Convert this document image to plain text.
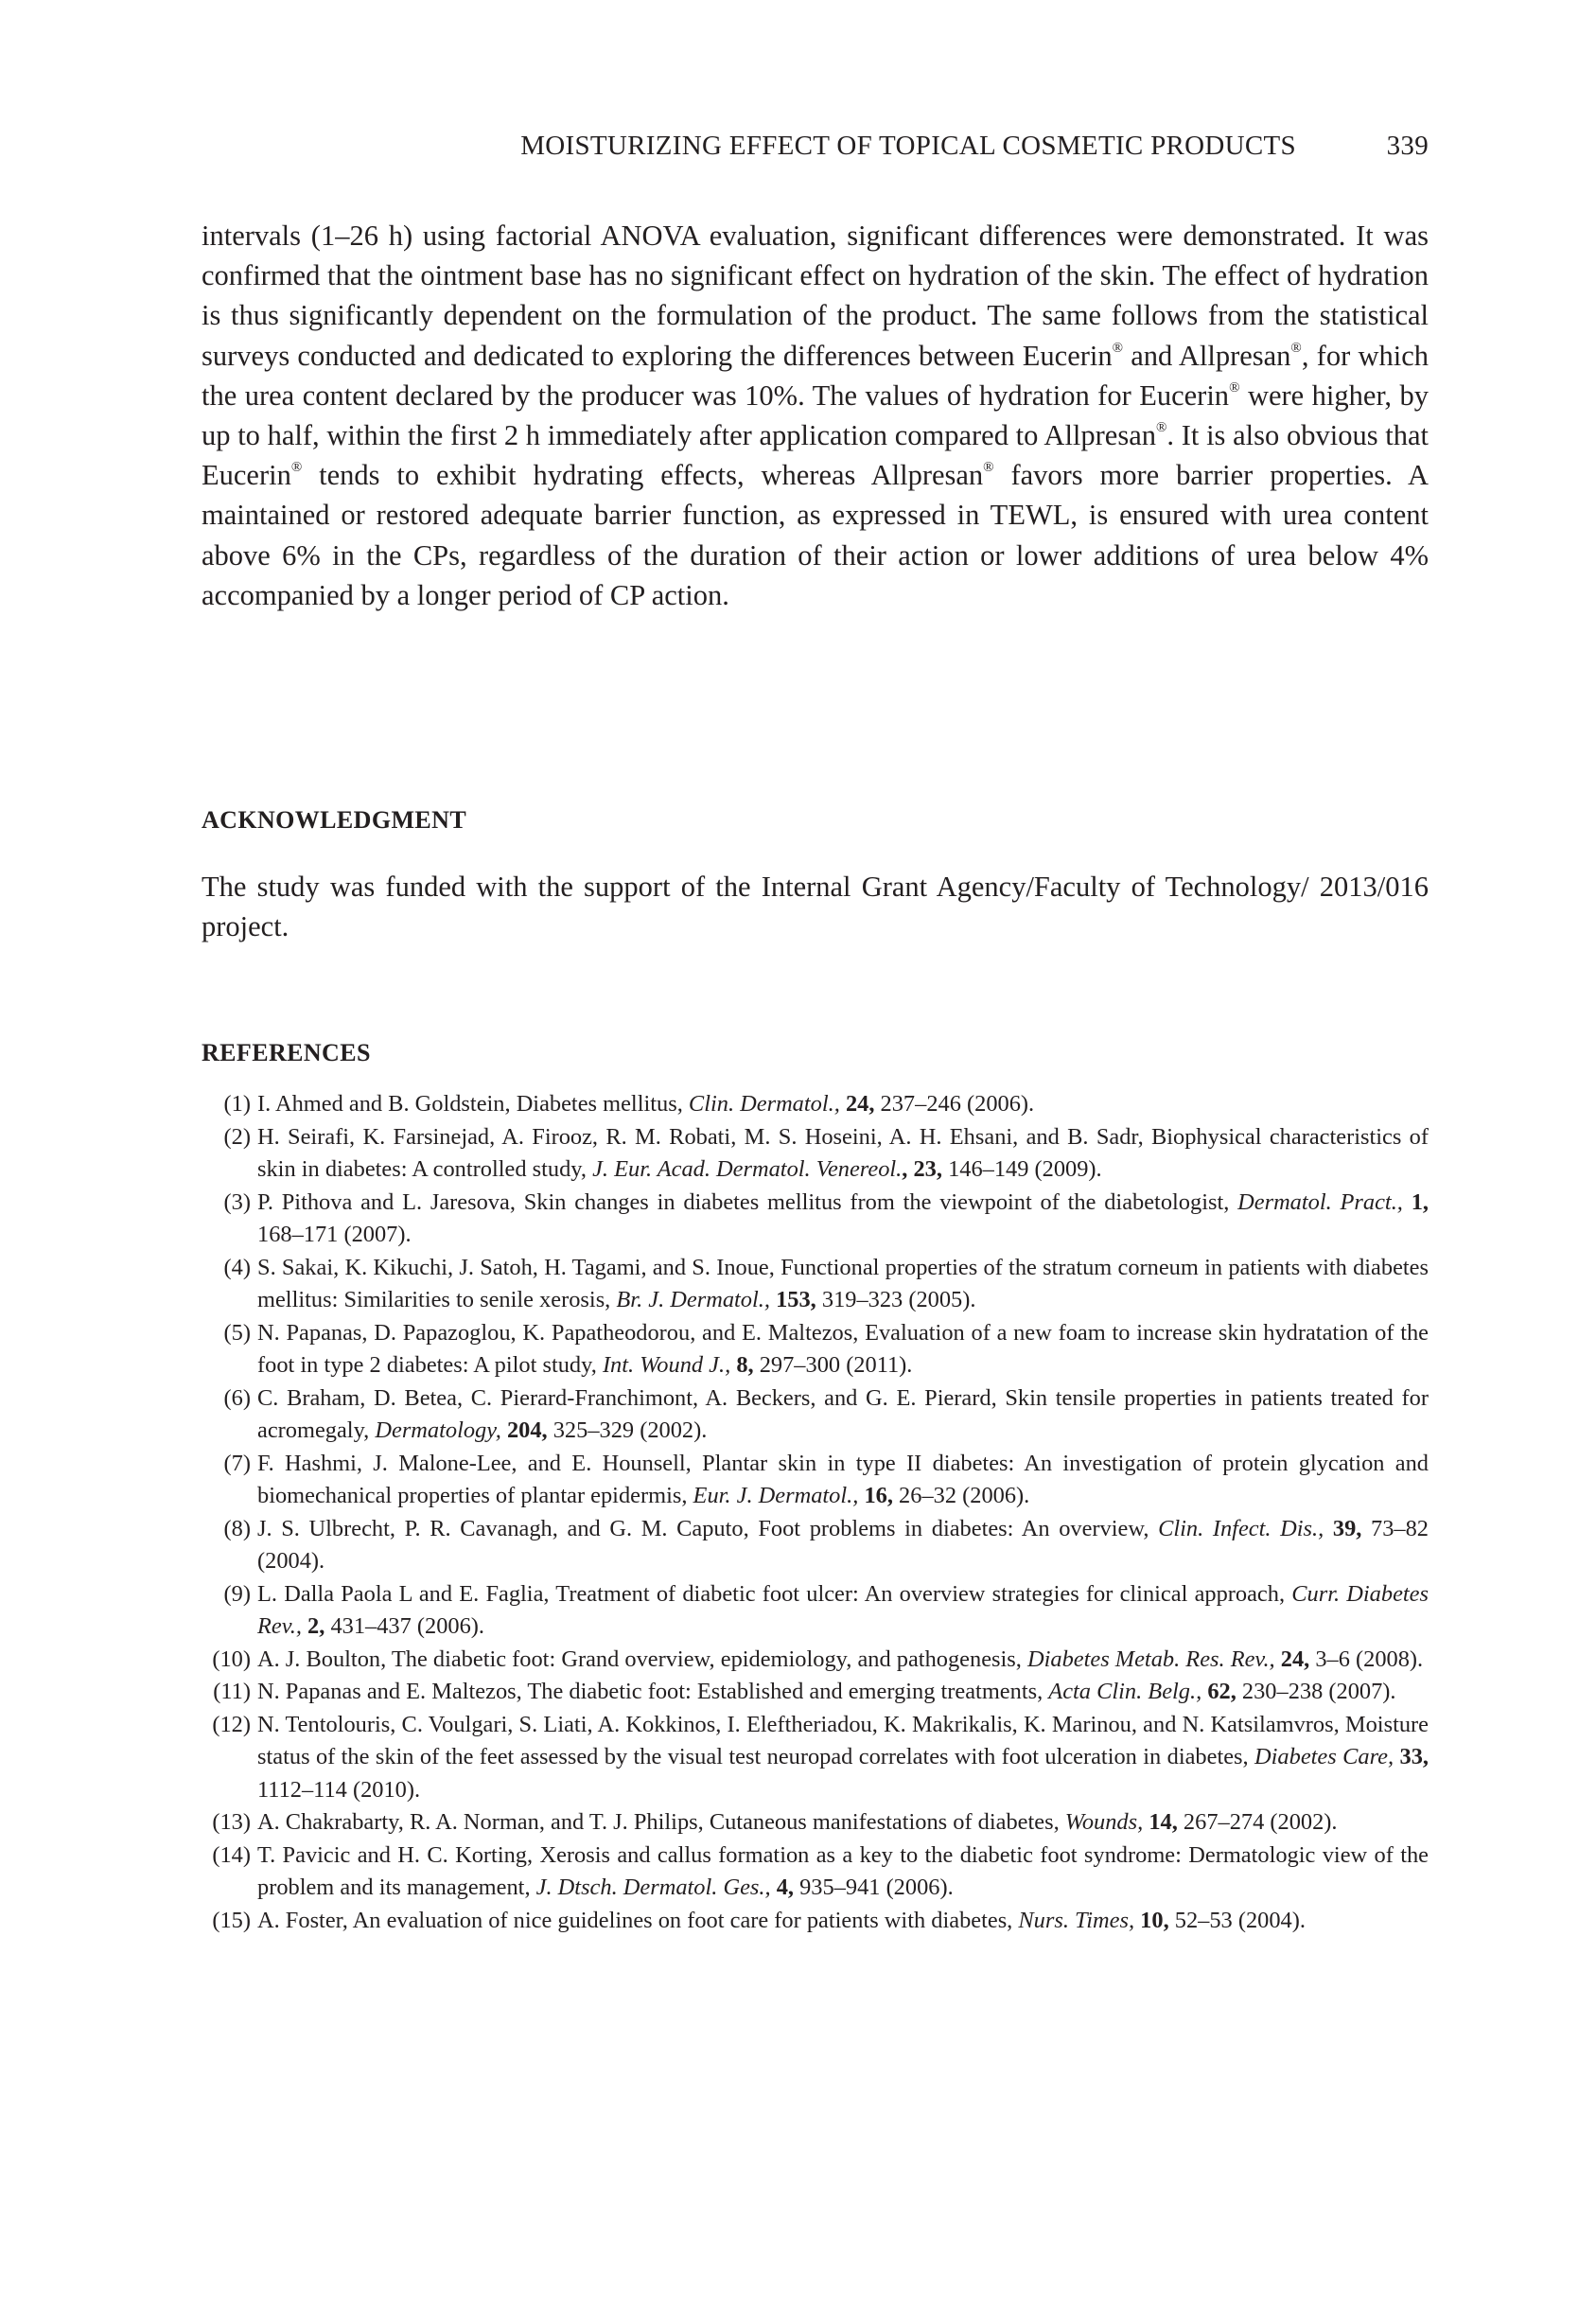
MOISTURIZING EFFECT OF TOPICAL COSMETIC PRODUCTS	339

intervals (1–26 h) using factorial ANOVA evaluation, significant differences were demonstrated. It was confirmed that the ointment base has no significant effect on hydration of the skin. The effect of hydration is thus significantly dependent on the formulation of the product. The same follows from the statistical surveys conducted and dedicated to exploring the differences between Eucerin® and Allpresan®, for which the urea content declared by the producer was 10%. The values of hydration for Eucerin® were higher, by up to half, within the first 2 h immediately after application compared to Allpresan®. It is also obvious that Eucerin® tends to exhibit hydrating effects, whereas Allpresan® favors more barrier properties. A maintained or restored adequate barrier function, as expressed in TEWL, is ensured with urea content above 6% in the CPs, regardless of the duration of their action or lower additions of urea below 4% accompanied by a longer period of CP action.

ACKNOWLEDGMENT

The study was funded with the support of the Internal Grant Agency/Faculty of Technology/ 2013/016 project.

REFERENCES
(1) I. Ahmed and B. Goldstein, Diabetes mellitus, Clin. Dermatol., 24, 237–246 (2006).
(2) H. Seirafi, K. Farsinejad, A. Firooz, R. M. Robati, M. S. Hoseini, A. H. Ehsani, and B. Sadr, Biophysical characteristics of skin in diabetes: A controlled study, J. Eur. Acad. Dermatol. Venereol., 23, 146–149 (2009).
(3) P. Pithova and L. Jaresova, Skin changes in diabetes mellitus from the viewpoint of the diabetologist, Dermatol. Pract., 1, 168–171 (2007).
(4) S. Sakai, K. Kikuchi, J. Satoh, H. Tagami, and S. Inoue, Functional properties of the stratum corneum in patients with diabetes mellitus: Similarities to senile xerosis, Br. J. Dermatol., 153, 319–323 (2005).
(5) N. Papanas, D. Papazoglou, K. Papatheodorou, and E. Maltezos, Evaluation of a new foam to increase skin hydratation of the foot in type 2 diabetes: A pilot study, Int. Wound J., 8, 297–300 (2011).
(6) C. Braham, D. Betea, C. Pierard-Franchimont, A. Beckers, and G. E. Pierard, Skin tensile properties in patients treated for acromegaly, Dermatology, 204, 325–329 (2002).
(7) F. Hashmi, J. Malone-Lee, and E. Hounsell, Plantar skin in type II diabetes: An investigation of protein glycation and biomechanical properties of plantar epidermis, Eur. J. Dermatol., 16, 26–32 (2006).
(8) J. S. Ulbrecht, P. R. Cavanagh, and G. M. Caputo, Foot problems in diabetes: An overview, Clin. Infect. Dis., 39, 73–82 (2004).
(9) L. Dalla Paola L and E. Faglia, Treatment of diabetic foot ulcer: An overview strategies for clinical approach, Curr. Diabetes Rev., 2, 431–437 (2006).
(10) A. J. Boulton, The diabetic foot: Grand overview, epidemiology, and pathogenesis, Diabetes Metab. Res. Rev., 24, 3–6 (2008).
(11) N. Papanas and E. Maltezos, The diabetic foot: Established and emerging treatments, Acta Clin. Belg., 62, 230–238 (2007).
(12) N. Tentolouris, C. Voulgari, S. Liati, A. Kokkinos, I. Eleftheriadou, K. Makrikalis, K. Marinou, and N. Katsilamvros, Moisture status of the skin of the feet assessed by the visual test neuropad correlates with foot ulceration in diabetes, Diabetes Care, 33, 1112–114 (2010).
(13) A. Chakrabarty, R. A. Norman, and T. J. Philips, Cutaneous manifestations of diabetes, Wounds, 14, 267–274 (2002).
(14) T. Pavicic and H. C. Korting, Xerosis and callus formation as a key to the diabetic foot syndrome: Dermatologic view of the problem and its management, J. Dtsch. Dermatol. Ges., 4, 935–941 (2006).
(15) A. Foster, An evaluation of nice guidelines on foot care for patients with diabetes, Nurs. Times, 10, 52–53 (2004).
